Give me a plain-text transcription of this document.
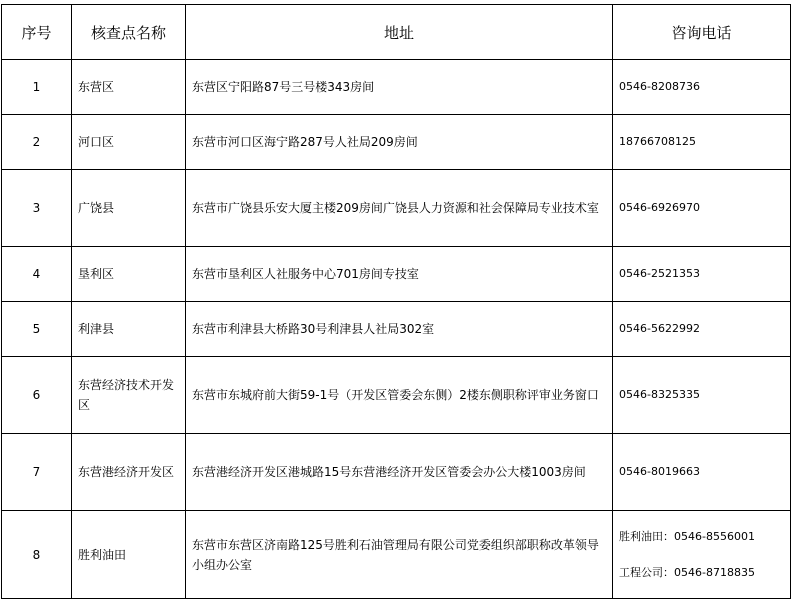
序号	核查点名称	地址	咨询电话
1	东营区	东营区宁阳路87号三号楼343房间	0546-8208736
2	河口区	东营市河口区海宁路287号人社局209房间	18766708125
3	广饶县	东营市广饶县乐安大厦主楼209房间广饶县人力资源和社会保障局专业技术室	0546-6926970
4	垦利区	东营市垦利区人社服务中心701房间专技室	0546-2521353
5	利津县	东营市利津县大桥路30号利津县人社局302室	0546-5622992
6	东营经济技术开发区	东营市东城府前大街59-1号（开发区管委会东侧）2楼东侧职称评审业务窗口	0546-8325335
7	东营港经济开发区	东营港经济开发区港城路15号东营港经济开发区管委会办公大楼1003房间	0546-8019663
8	胜利油田	东营市东营区济南路125号胜利石油管理局有限公司党委组织部职称改革领导小组办公室	胜利油田：0546-8556001
工程公司：0546-8718835
